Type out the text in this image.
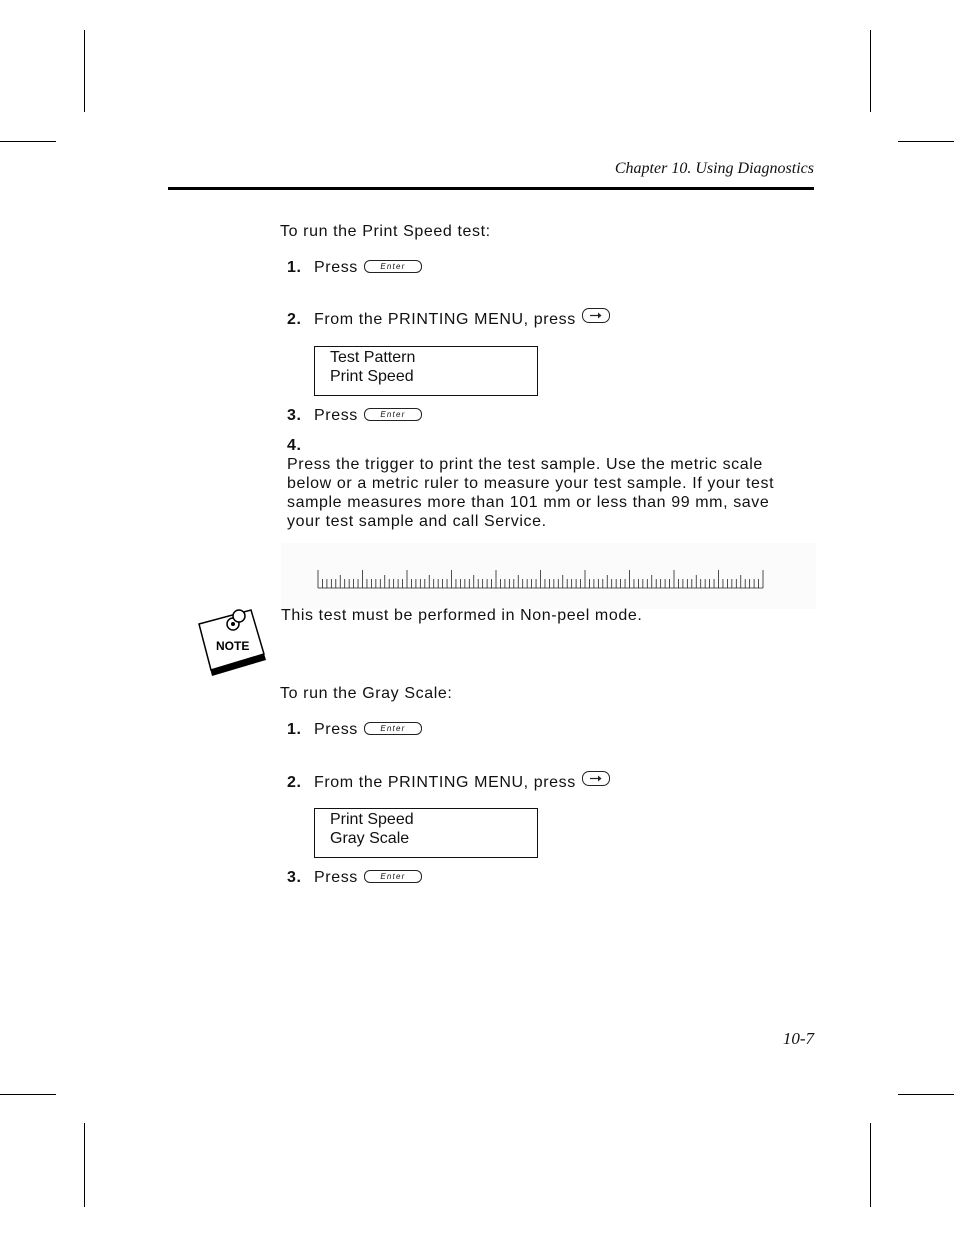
Chapter 10. Using Diagnostics
To run the Print Speed test:
1. Press	Enter
2. From the PRINTING MENU, press
Test Pattern
Print Speed
3. Press	Enter
4.Press the trigger to print the test sample. Use the metric scale below or a metric ruler to measure your test sample. If your test sample measures more than 101 mm or less than 99 mm, save your test sample and call Service.
NOTE
This test must be performed in Non-peel mode.
To run the Gray Scale:
1. Press	Enter
2. From the PRINTING MENU, press
Print Speed
Gray Scale
3. Press	Enter
10-7
